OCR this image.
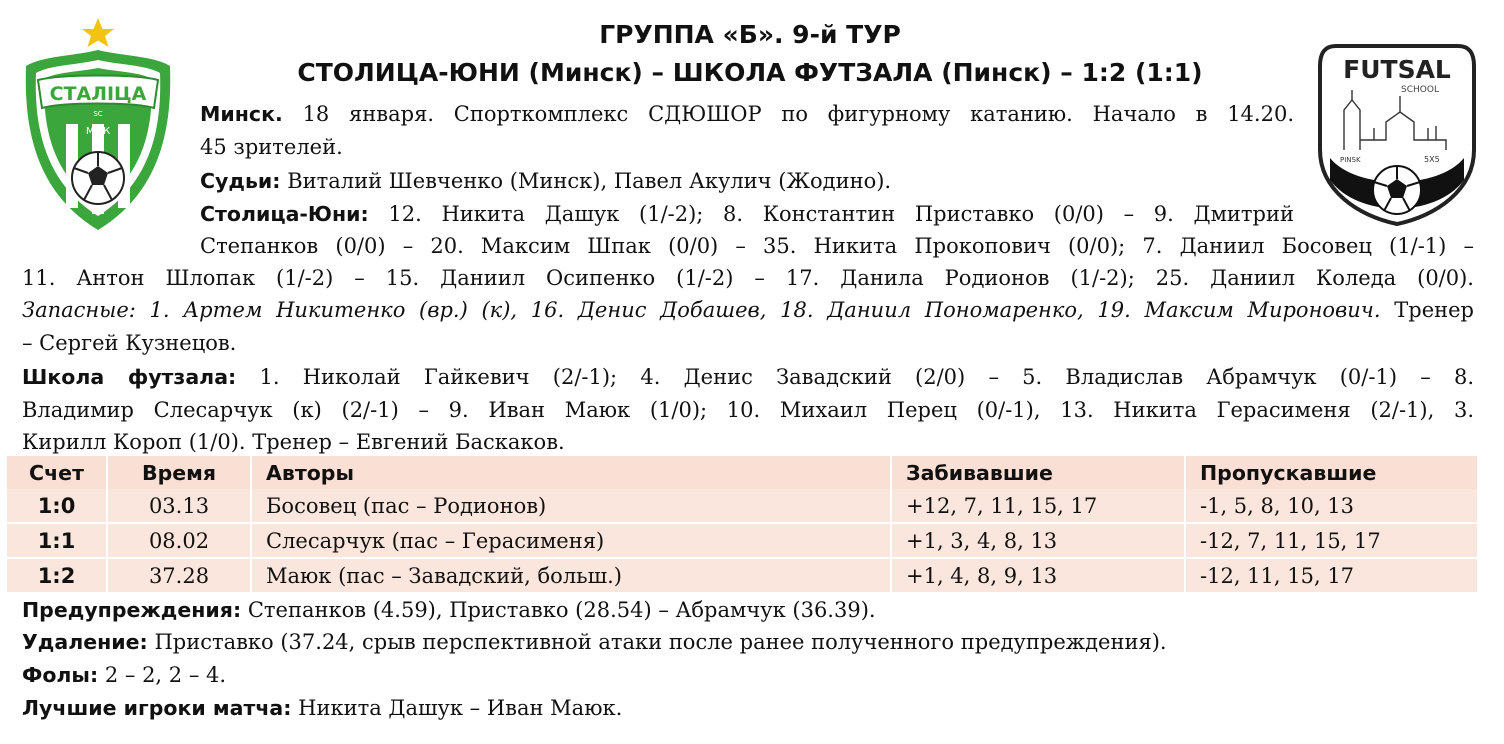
СТАЛІЦА
SC
МФК
FUTSAL
SCHOOL
PINSK	5X5
ГРУППА «Б». 9-й ТУР
СТОЛИЦА-ЮНИ (Минск) – ШКОЛА ФУТЗАЛА (Пинск) – 1:2 (1:1)
Минск. 18 января. Спорткомплекс СДЮШОР по фигурному катанию. Начало в 14.20.
45 зрителей.
Судьи: Виталий Шевченко (Минск), Павел Акулич (Жодино).
Столица-Юни: 12. Никита Дашук (1/-2); 8. Константин Приставко (0/0) – 9. Дмитрий
Степанков (0/0) – 20. Максим Шпак (0/0) – 35. Никита Прокопович (0/0); 7. Даниил Босовец (1/-1) –
11. Антон Шлопак (1/-2) – 15. Даниил Осипенко (1/-2) – 17. Данила Родионов (1/-2); 25. Даниил Коледа (0/0).
Запасные: 1. Артем Никитенко (вр.) (к), 16. Денис Добашев, 18. Даниил Пономаренко, 19. Максим Миронович. Тренер
– Сергей Кузнецов.
Школа футзала: 1. Николай Гайкевич (2/-1); 4. Денис Завадский (2/0) – 5. Владислав Абрамчук (0/-1) – 8.
Владимир Слесарчук (к) (2/-1) – 9. Иван Маюк (1/0); 10. Михаил Перец (0/-1), 13. Никита Герасименя (2/-1), 3.
Кирилл Короп (1/0). Тренер – Евгений Баскаков.
Счет	Время	Авторы	Забивавшие	Пропускавшие
1:0	03.13	Босовец (пас – Родионов)	+12, 7, 11, 15, 17	-1, 5, 8, 10, 13
1:1	08.02	Слесарчук (пас – Герасименя)	+1, 3, 4, 8, 13	-12, 7, 11, 15, 17
1:2	37.28	Маюк (пас – Завадский, больш.)	+1, 4, 8, 9, 13	-12, 11, 15, 17
Предупреждения: Степанков (4.59), Приставко (28.54) – Абрамчук (36.39).
Удаление: Приставко (37.24, срыв перспективной атаки после ранее полученного предупреждения).
Фолы: 2 – 2, 2 – 4.
Лучшие игроки матча: Никита Дашук – Иван Маюк.
